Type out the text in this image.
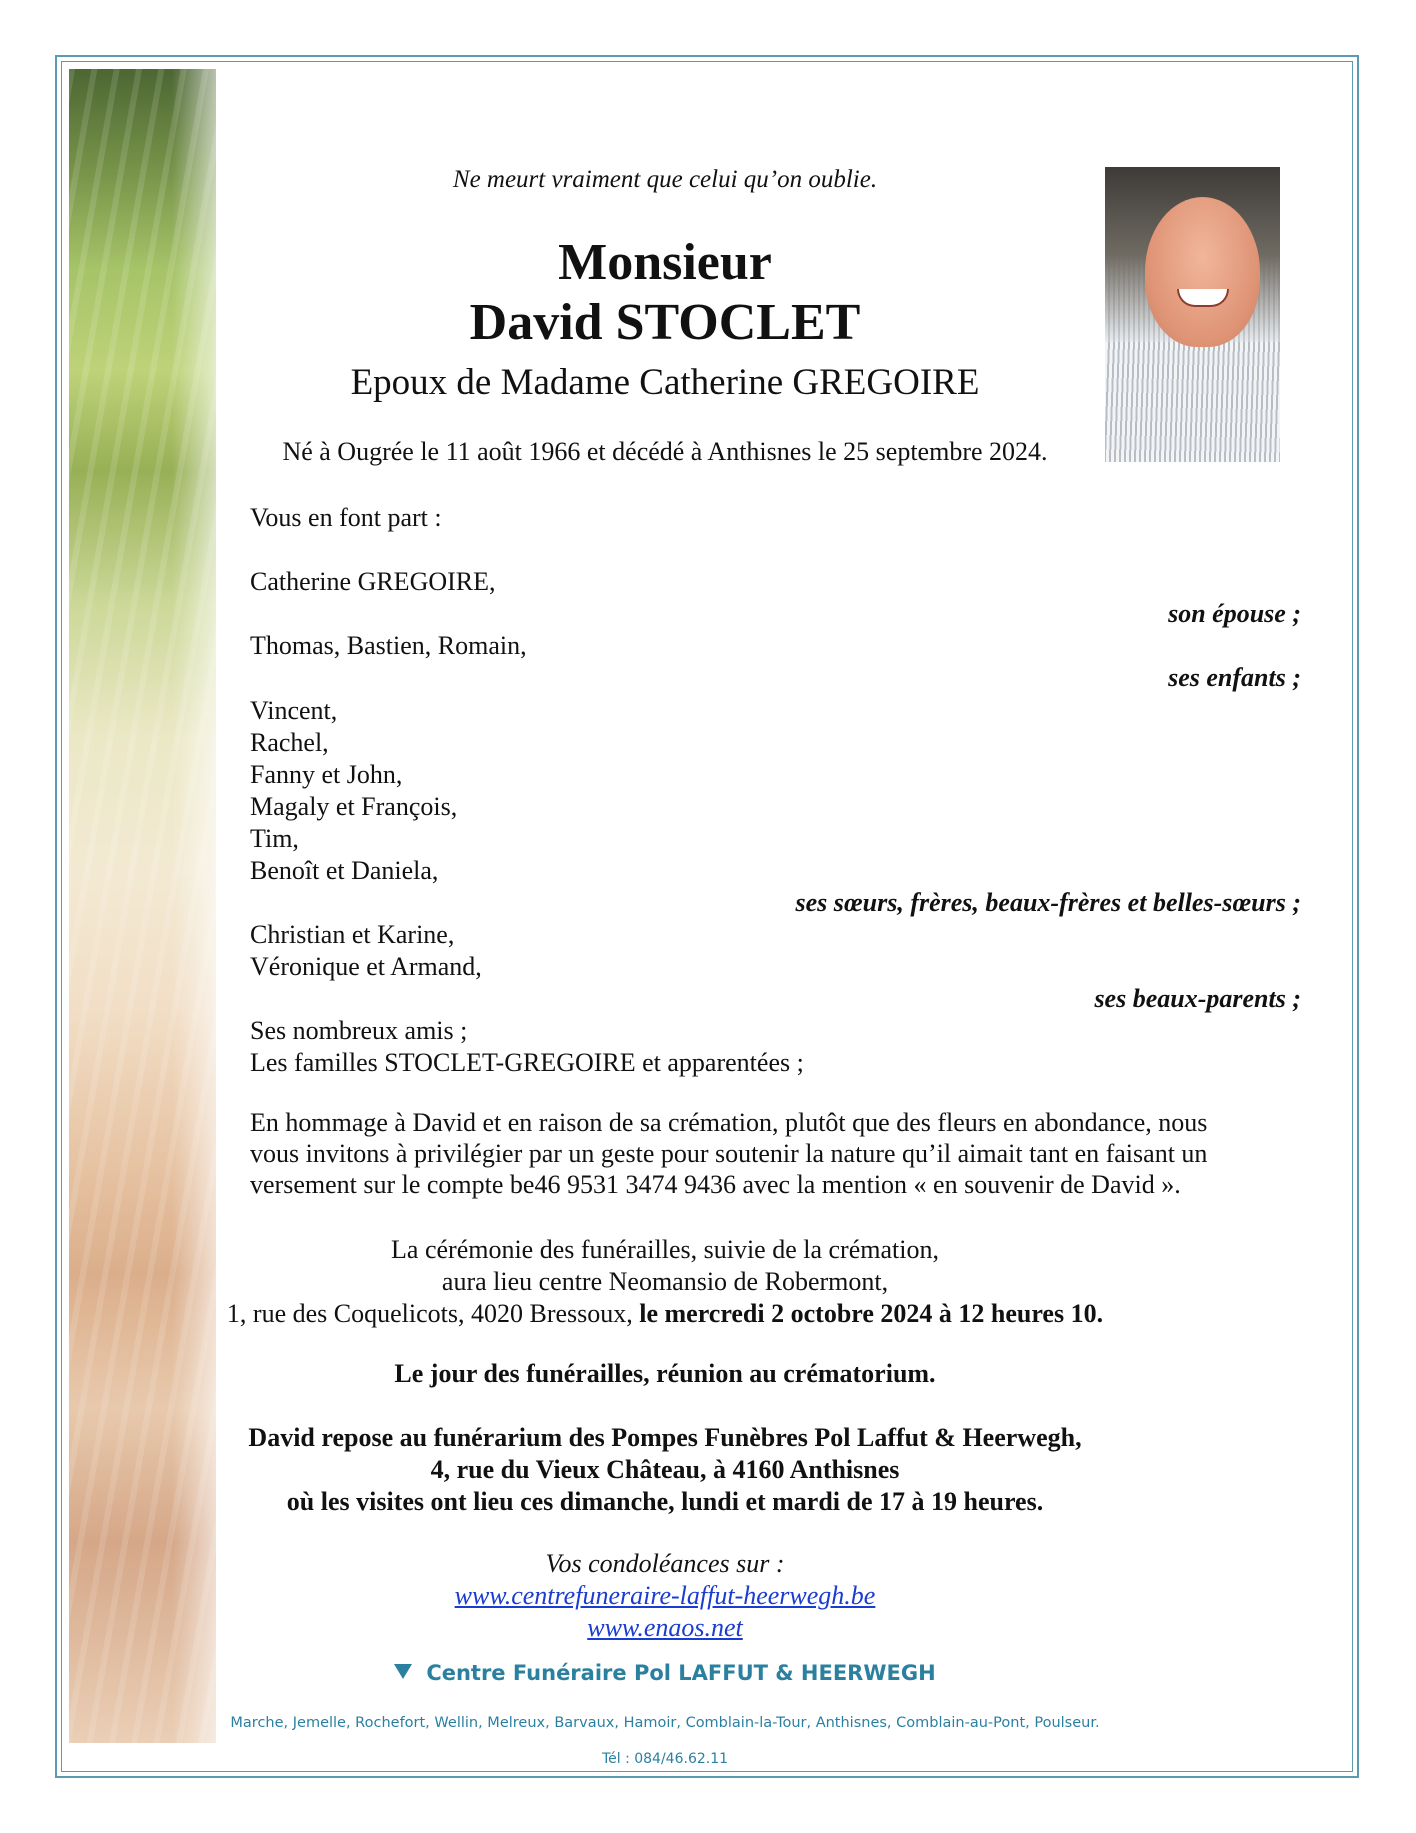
Ne meurt vraiment que celui qu’on oublie.
Monsieur
David STOCLET
Epoux de Madame Catherine GREGOIRE
Né à Ougrée le 11 août 1966 et décédé à Anthisnes le 25 septembre 2024.
Vous en font part :
Catherine GREGOIRE,
son épouse ;
Thomas, Bastien, Romain,
ses enfants ;
Vincent,
Rachel,
Fanny et John,
Magaly et François,
Tim,
Benoît et Daniela,
ses sœurs, frères, beaux-frères et belles-sœurs ;
Christian et Karine,
Véronique et Armand,
ses beaux-parents ;
Ses nombreux amis ;
Les familles STOCLET-GREGOIRE et apparentées ;
En hommage à David et en raison de sa crémation, plutôt que des fleurs en abondance, nous
vous invitons à privilégier par un geste pour soutenir la nature qu’il aimait tant en faisant un
versement sur le compte be46 9531 3474 9436 avec la mention « en souvenir de David ».
La cérémonie des funérailles, suivie de la crémation,
aura lieu centre Neomansio de Robermont,
1, rue des Coquelicots, 4020 Bressoux, le mercredi 2 octobre 2024 à 12 heures 10.
Le jour des funérailles, réunion au crématorium.
David repose au funérarium des Pompes Funèbres Pol Laffut & Heerwegh,
4, rue du Vieux Château, à 4160 Anthisnes
où les visites ont lieu ces dimanche, lundi et mardi de 17 à 19 heures.
Vos condoléances sur :
www.centrefuneraire-laffut-heerwegh.be
www.enaos.net
Centre Funéraire Pol LAFFUT & HEERWEGH
Marche, Jemelle, Rochefort, Wellin, Melreux, Barvaux, Hamoir, Comblain-la-Tour, Anthisnes, Comblain-au-Pont, Poulseur.
Tél : 084/46.62.11
